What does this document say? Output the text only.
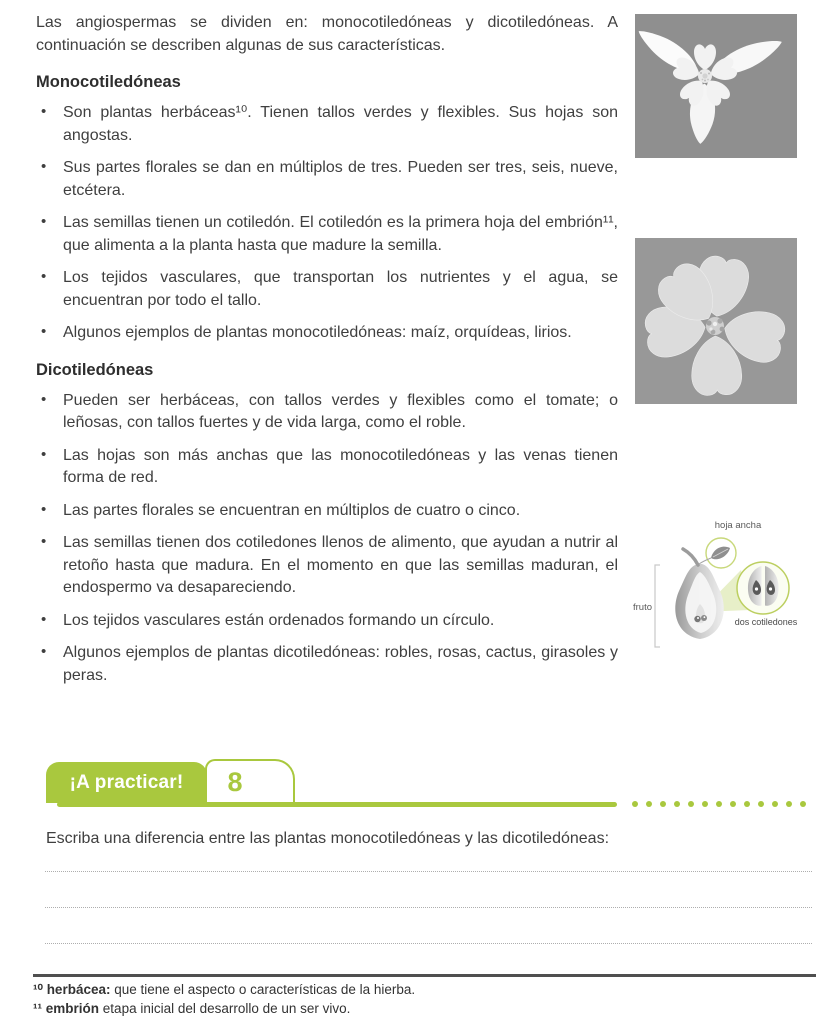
Las angiospermas se dividen en: monocotiledóneas y dicotiledóneas. A continuación se describen algunas de sus características.

Monocotiledóneas
• Son plantas herbáceas¹⁰. Tienen tallos verdes y flexibles. Sus hojas son angostas.
• Sus partes florales se dan en múltiplos de tres. Pueden ser tres, seis, nueve, etcétera.
• Las semillas tienen un cotiledón. El cotiledón es la primera hoja del embrión¹¹, que alimenta a la planta hasta que madure la semilla.
• Los tejidos vasculares, que transportan los nutrientes y el agua, se encuentran por todo el tallo.
• Algunos ejemplos de plantas monocotiledóneas: maíz, orquídeas, lirios.
Dicotiledóneas
• Pueden ser herbáceas, con tallos verdes y flexibles como el tomate; o leñosas, con tallos fuertes y de vida larga, como el roble.
• Las hojas son más anchas que las monocotiledóneas y las venas tienen forma de red.
• Las partes florales se encuentran en múltiplos de cuatro o cinco.
• Las semillas tienen dos cotiledones llenos de alimento, que ayudan a nutrir al retoño hasta que madura. En el momento en que las semillas maduran, el endospermo va desapareciendo.
• Los tejidos vasculares están ordenados formando un círculo.
• Algunos ejemplos de plantas dicotiledóneas: robles, rosas, cactus, girasoles y peras.
fruto
hoja ancha
dos cotiledones
8
¡A practicar!

Escriba una diferencia entre las plantas monocotiledóneas y las dicotiledóneas:

¹⁰ herbácea: que tiene el aspecto o características de la hierba.

¹¹ embrión etapa inicial del desarrollo de un ser vivo.
